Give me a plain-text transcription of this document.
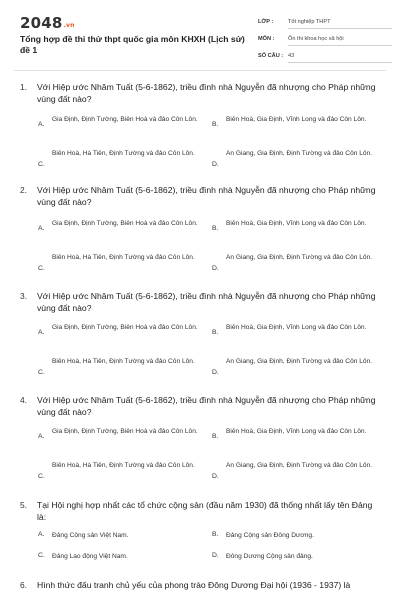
2048.vn
Tổng hợp đề thi thử thpt quốc gia môn KHXH (Lịch sử) đề 1
LỚP :	Tốt nghiệp THPT
MÔN : Ôn thi khoa học xã hội
SỐ CÂU : 43
1. Với Hiệp ước Nhâm Tuất (5-6-1862), triều đình nhà Nguyễn đã nhượng cho Pháp những vùng đất nào?
A.
Gia Định, Định Tường, Biên Hoà và đảo Côn Lôn.
B.
Biên Hoà, Gia Định, Vĩnh Long và đảo Côn Lôn.
C.
Biên Hoà, Hà Tiên, Định Tường và đảo Côn Lôn.
D.
An Giang, Gia Định, Định Tường và đảo Côn Lôn.
2. Với Hiệp ước Nhâm Tuất (5-6-1862), triều đình nhà Nguyễn đã nhượng cho Pháp những vùng đất nào?
A.
Gia Định, Định Tường, Biên Hoà và đảo Côn Lôn.
B.
Biên Hoà, Gia Định, Vĩnh Long và đảo Côn Lôn.
C.
Biên Hoà, Hà Tiên, Định Tường và đảo Côn Lôn.
D.
An Giang, Gia Định, Định Tường và đảo Côn Lôn.
3. Với Hiệp ước Nhâm Tuất (5-6-1862), triều đình nhà Nguyễn đã nhượng cho Pháp những vùng đất nào?
A.
Gia Định, Định Tường, Biên Hoà và đảo Côn Lôn.
B.
Biên Hoà, Gia Định, Vĩnh Long và đảo Côn Lôn.
C.
Biên Hoà, Hà Tiên, Định Tường và đảo Côn Lôn.
D.
An Giang, Gia Định, Định Tường và đảo Côn Lôn.
4. Với Hiệp ước Nhâm Tuất (5-6-1862), triều đình nhà Nguyễn đã nhượng cho Pháp những vùng đất nào?
A.
Gia Định, Định Tường, Biên Hoà và đảo Côn Lôn.
B.
Biên Hoà, Gia Định, Vĩnh Long và đảo Côn Lôn.
C.
Biên Hoà, Hà Tiên, Định Tường và đảo Côn Lôn.
D.
An Giang, Gia Định, Định Tường và đảo Côn Lôn.
5. Tại Hội nghị hợp nhất các tổ chức cộng sản (đầu năm 1930) đã thống nhất lấy tên Đảng là:
A. Đảng Cộng sản Việt Nam.	B. Đảng Cộng sản Đông Dương.
C. Đảng Lao động Việt Nam.	D. Đông Dương Cộng sản đảng.
6. Hình thức đấu tranh chủ yếu của phong trào Đông Dương Đại hội (1936 - 1937) là
